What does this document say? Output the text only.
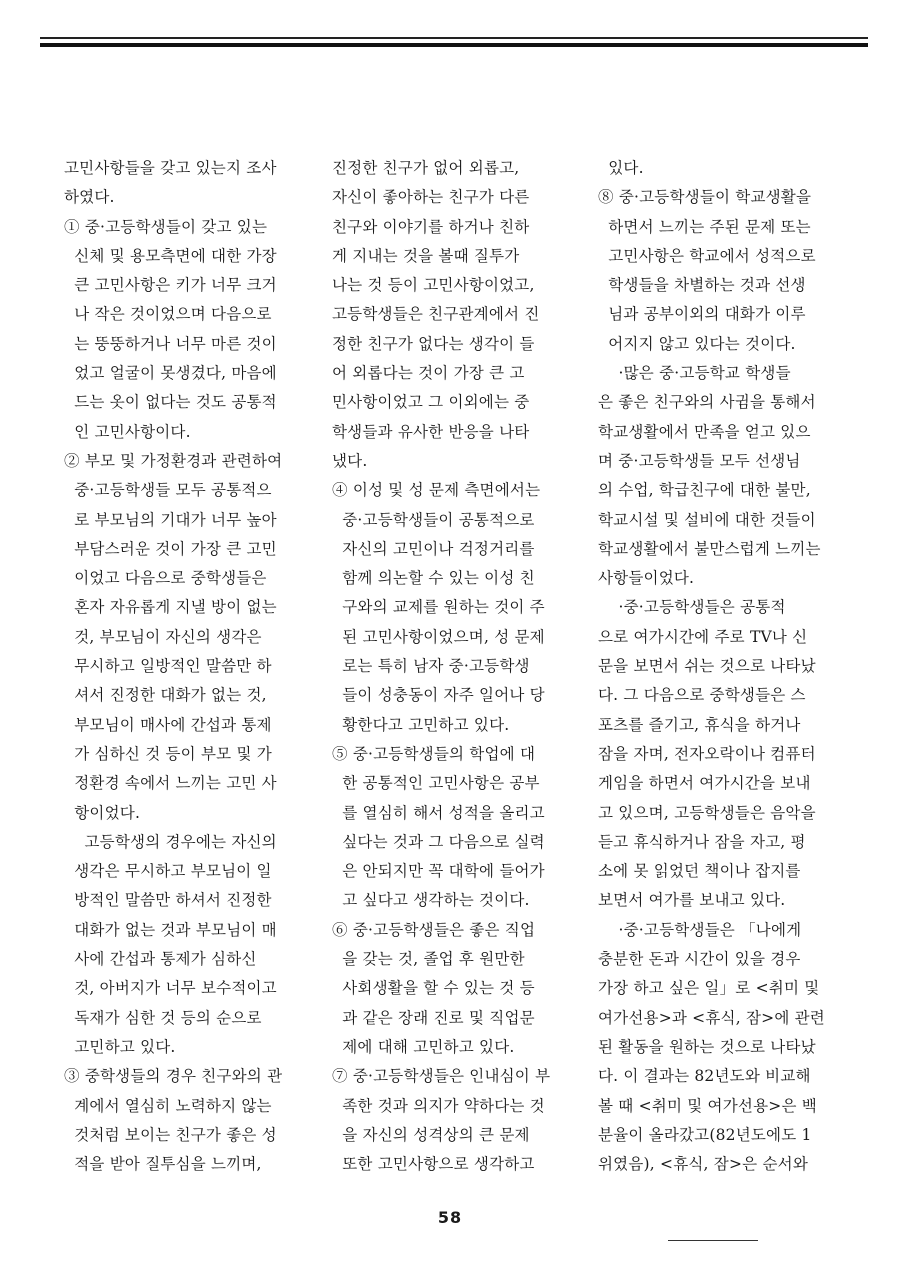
고민사항들을 갖고 있는지 조사

하였다.

① 중·고등학생들이 갖고 있는

신체 및 용모측면에 대한 가장

큰 고민사항은 키가 너무 크거

나 작은 것이었으며 다음으로

는 뚱뚱하거나 너무 마른 것이

었고 얼굴이 못생겼다, 마음에

드는 옷이 없다는 것도 공통적

인 고민사항이다.

② 부모 및 가정환경과 관련하여

중·고등학생들 모두 공통적으

로 부모님의 기대가 너무 높아

부담스러운 것이 가장 큰 고민

이었고 다음으로 중학생들은

혼자 자유롭게 지낼 방이 없는

것, 부모님이 자신의 생각은

무시하고 일방적인 말씀만 하

셔서 진정한 대화가 없는 것,

부모님이 매사에 간섭과 통제

가 심하신 것 등이 부모 및 가

정환경 속에서 느끼는 고민 사

항이었다.

고등학생의 경우에는 자신의

생각은 무시하고 부모님이 일

방적인 말씀만 하셔서 진정한

대화가 없는 것과 부모님이 매

사에 간섭과 통제가 심하신

것, 아버지가 너무 보수적이고

독재가 심한 것 등의 순으로

고민하고 있다.

③ 중학생들의 경우 친구와의 관

계에서 열심히 노력하지 않는

것처럼 보이는 친구가 좋은 성

적을 받아 질투심을 느끼며,

진정한 친구가 없어 외롭고,

자신이 좋아하는 친구가 다른

친구와 이야기를 하거나 친하

게 지내는 것을 볼때 질투가

나는 것 등이 고민사항이었고,

고등학생들은 친구관계에서 진

정한 친구가 없다는 생각이 들

어 외롭다는 것이 가장 큰 고

민사항이었고 그 이외에는 중

학생들과 유사한 반응을 나타

냈다.

④ 이성 및 성 문제 측면에서는

중·고등학생들이 공통적으로

자신의 고민이나 걱정거리를

함께 의논할 수 있는 이성 친

구와의 교제를 원하는 것이 주

된 고민사항이었으며, 성 문제

로는 특히 남자 중·고등학생

들이 성충동이 자주 일어나 당

황한다고 고민하고 있다.

⑤ 중·고등학생들의 학업에 대

한 공통적인 고민사항은 공부

를 열심히 해서 성적을 올리고

싶다는 것과 그 다음으로 실력

은 안되지만 꼭 대학에 들어가

고 싶다고 생각하는 것이다.

⑥ 중·고등학생들은 좋은 직업

을 갖는 것, 졸업 후 원만한

사회생활을 할 수 있는 것 등

과 같은 장래 진로 및 직업문

제에 대해 고민하고 있다.

⑦ 중·고등학생들은 인내심이 부

족한 것과 의지가 약하다는 것

을 자신의 성격상의 큰 문제

또한 고민사항으로 생각하고

있다.

⑧ 중·고등학생들이 학교생활을

하면서 느끼는 주된 문제 또는

고민사항은 학교에서 성적으로

학생들을 차별하는 것과 선생

님과 공부이외의 대화가 이루

어지지 않고 있다는 것이다.

·많은 중·고등학교 학생들

은 좋은 친구와의 사귐을 통해서

학교생활에서 만족을 얻고 있으

며 중·고등학생들 모두 선생님

의 수업, 학급친구에 대한 불만,

학교시설 및 설비에 대한 것들이

학교생활에서 불만스럽게 느끼는

사항들이었다.

·중·고등학생들은 공통적

으로 여가시간에 주로 TV나 신

문을 보면서 쉬는 것으로 나타났

다. 그 다음으로 중학생들은 스

포츠를 즐기고, 휴식을 하거나

잠을 자며, 전자오락이나 컴퓨터

게임을 하면서 여가시간을 보내

고 있으며, 고등학생들은 음악을

듣고 휴식하거나 잠을 자고, 평

소에 못 읽었던 책이나 잡지를

보면서 여가를 보내고 있다.

·중·고등학생들은 「나에게

충분한 돈과 시간이 있을 경우

가장 하고 싶은 일」로 <취미 및

여가선용>과 <휴식, 잠>에 관련

된 활동을 원하는 것으로 나타났

다. 이 결과는 82년도와 비교해

볼 때 <취미 및 여가선용>은 백

분율이 올라갔고(82년도에도 1

위였음), <휴식, 잠>은 순서와

58
